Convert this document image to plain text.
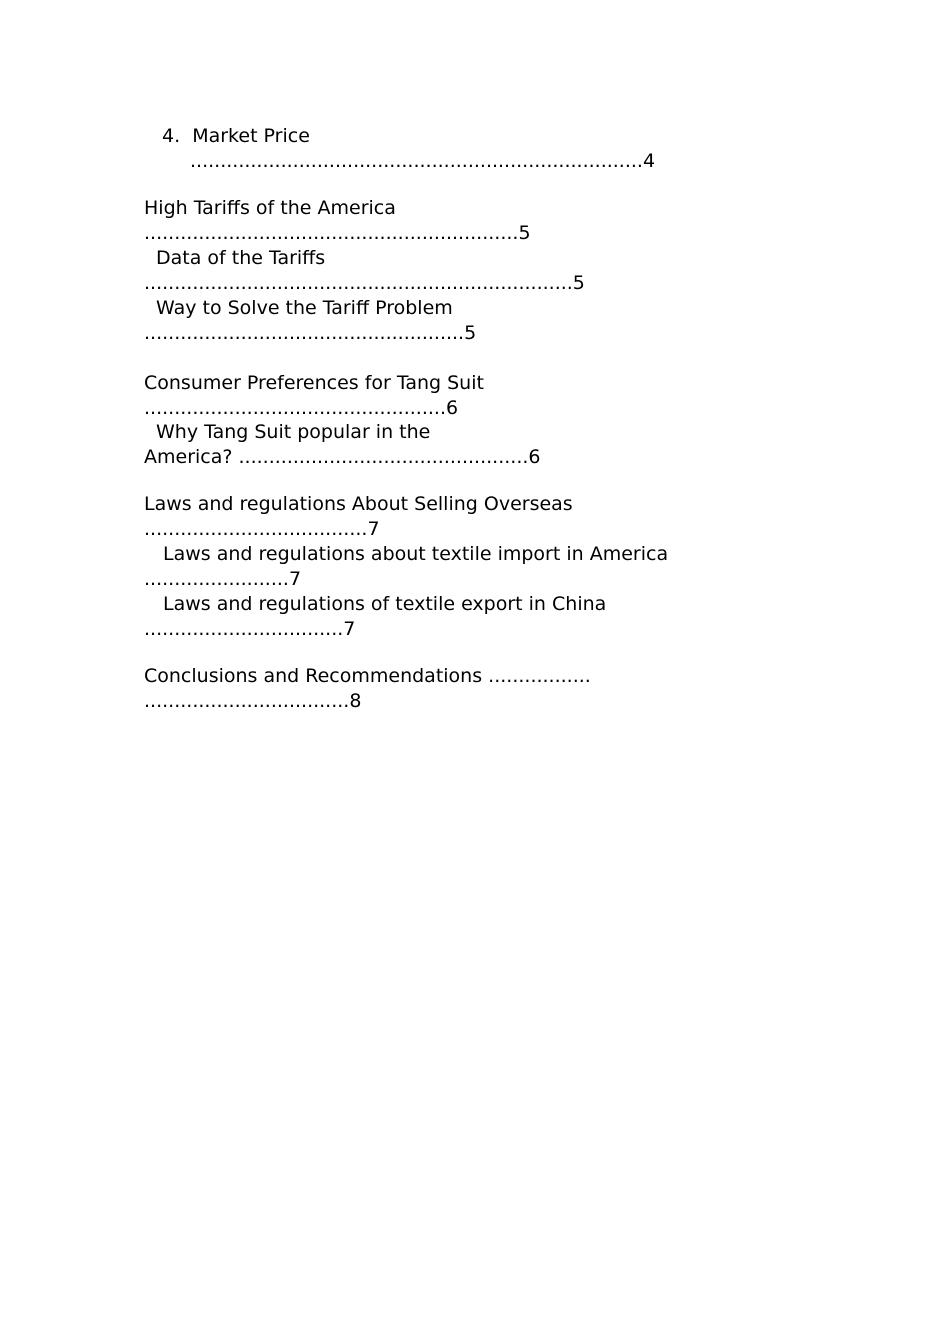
4.  Market Price
...........................................................................4
High Tariffs of the America
..............................................................5
Data of the Tariffs
.......................................................................5
Way to Solve the Tariff Problem
.....................................................5
Consumer Preferences for Tang Suit
..................................................6
Why Tang Suit popular in the
America? ................................................6
Laws and regulations About Selling Overseas
.....................................7
Laws and regulations about textile import in America
........................7
Laws and regulations of textile export in China
.................................7
Conclusions and Recommendations .................
..................................8
